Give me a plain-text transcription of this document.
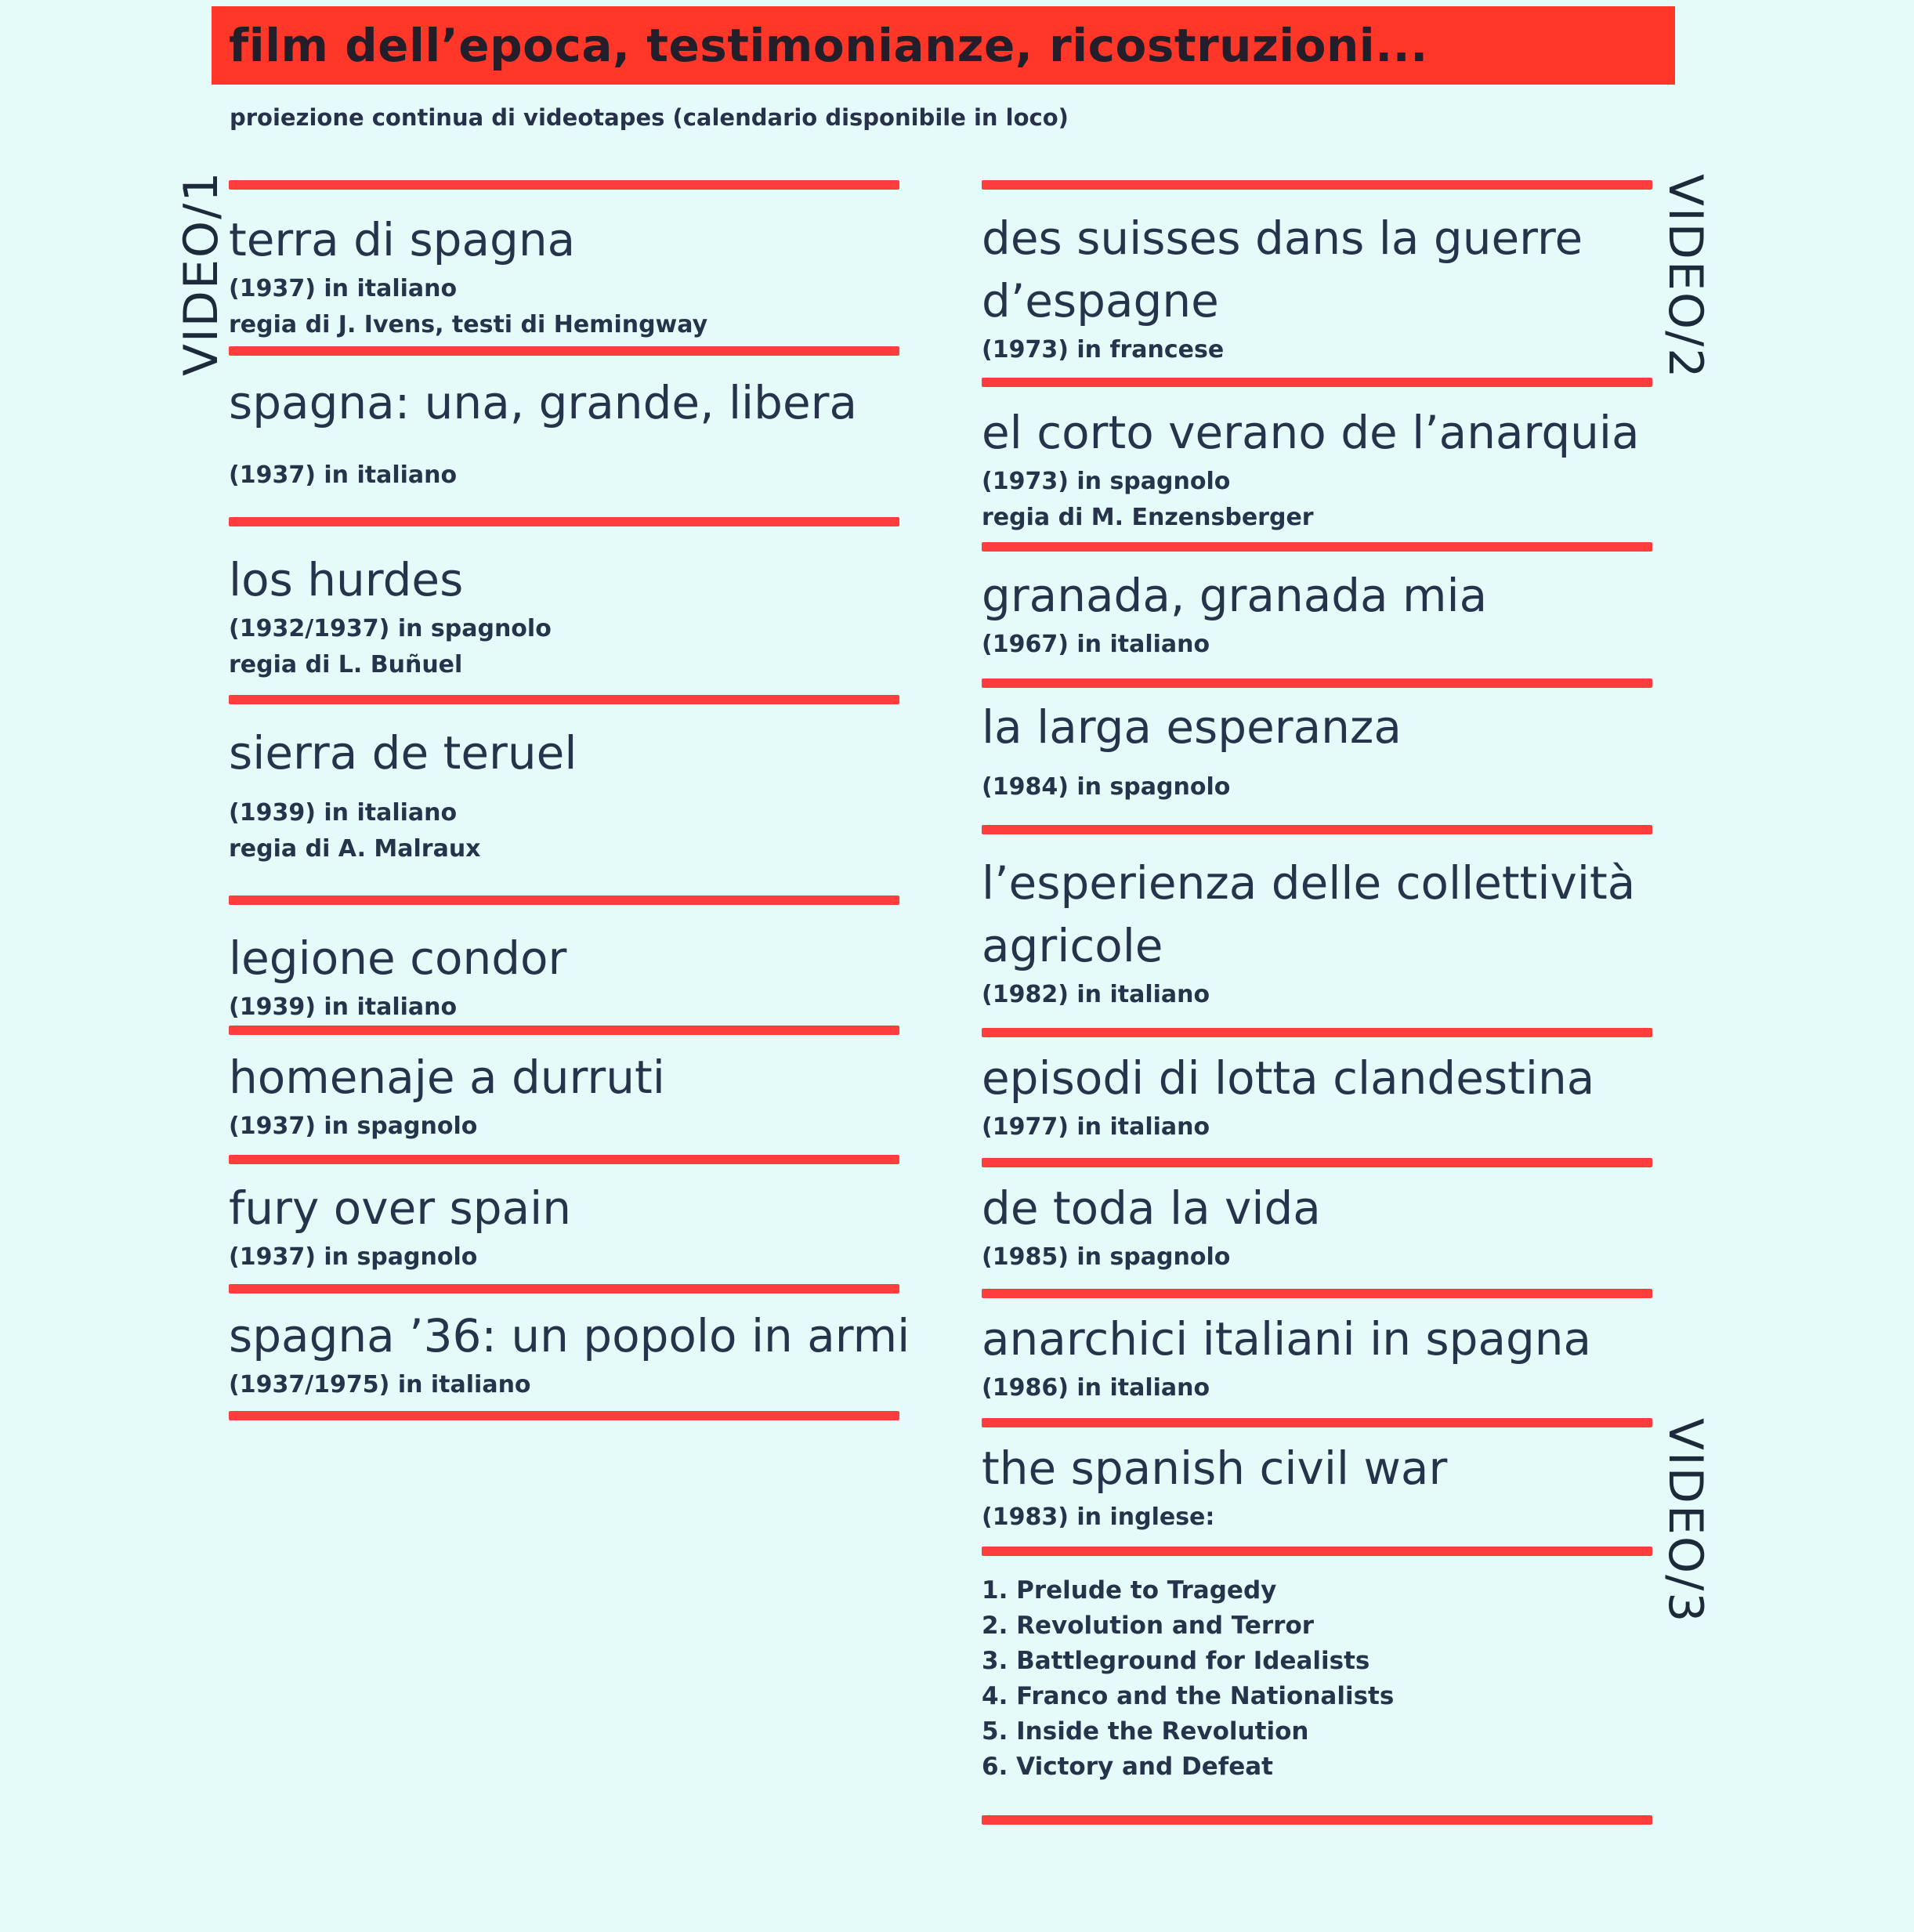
film dell’epoca, testimonianze, ricostruzioni...
proiezione continua di videotapes (calendario disponibile in loco)
VIDEO/1	VIDEO/2
VIDEO/3
terra di spagna
(1937) in italiano
regia di J. Ivens, testi di Hemingway
spagna: una, grande, libera
(1937) in italiano
los hurdes
(1932/1937) in spagnolo
regia di L. Buñuel
sierra de teruel
(1939) in italiano
regia di A. Malraux
legione condor
(1939) in italiano
homenaje a durruti
(1937) in spagnolo
fury over spain
(1937) in spagnolo
spagna ’36: un popolo in armi
(1937/1975) in italiano
des suisses dans la guerre
d’espagne
(1973) in francese
el corto verano de l’anarquia
(1973) in spagnolo
regia di M. Enzensberger
granada, granada mia
(1967) in italiano
la larga esperanza
(1984) in spagnolo
l’esperienza delle collettività
agricole
(1982) in italiano
episodi di lotta clandestina
(1977) in italiano
de toda la vida
(1985) in spagnolo
anarchici italiani in spagna
(1986) in italiano
the spanish civil war
(1983) in inglese:
1. Prelude to Tragedy
2. Revolution and Terror
3. Battleground for Idealists
4. Franco and the Nationalists
5. Inside the Revolution
6. Victory and Defeat
